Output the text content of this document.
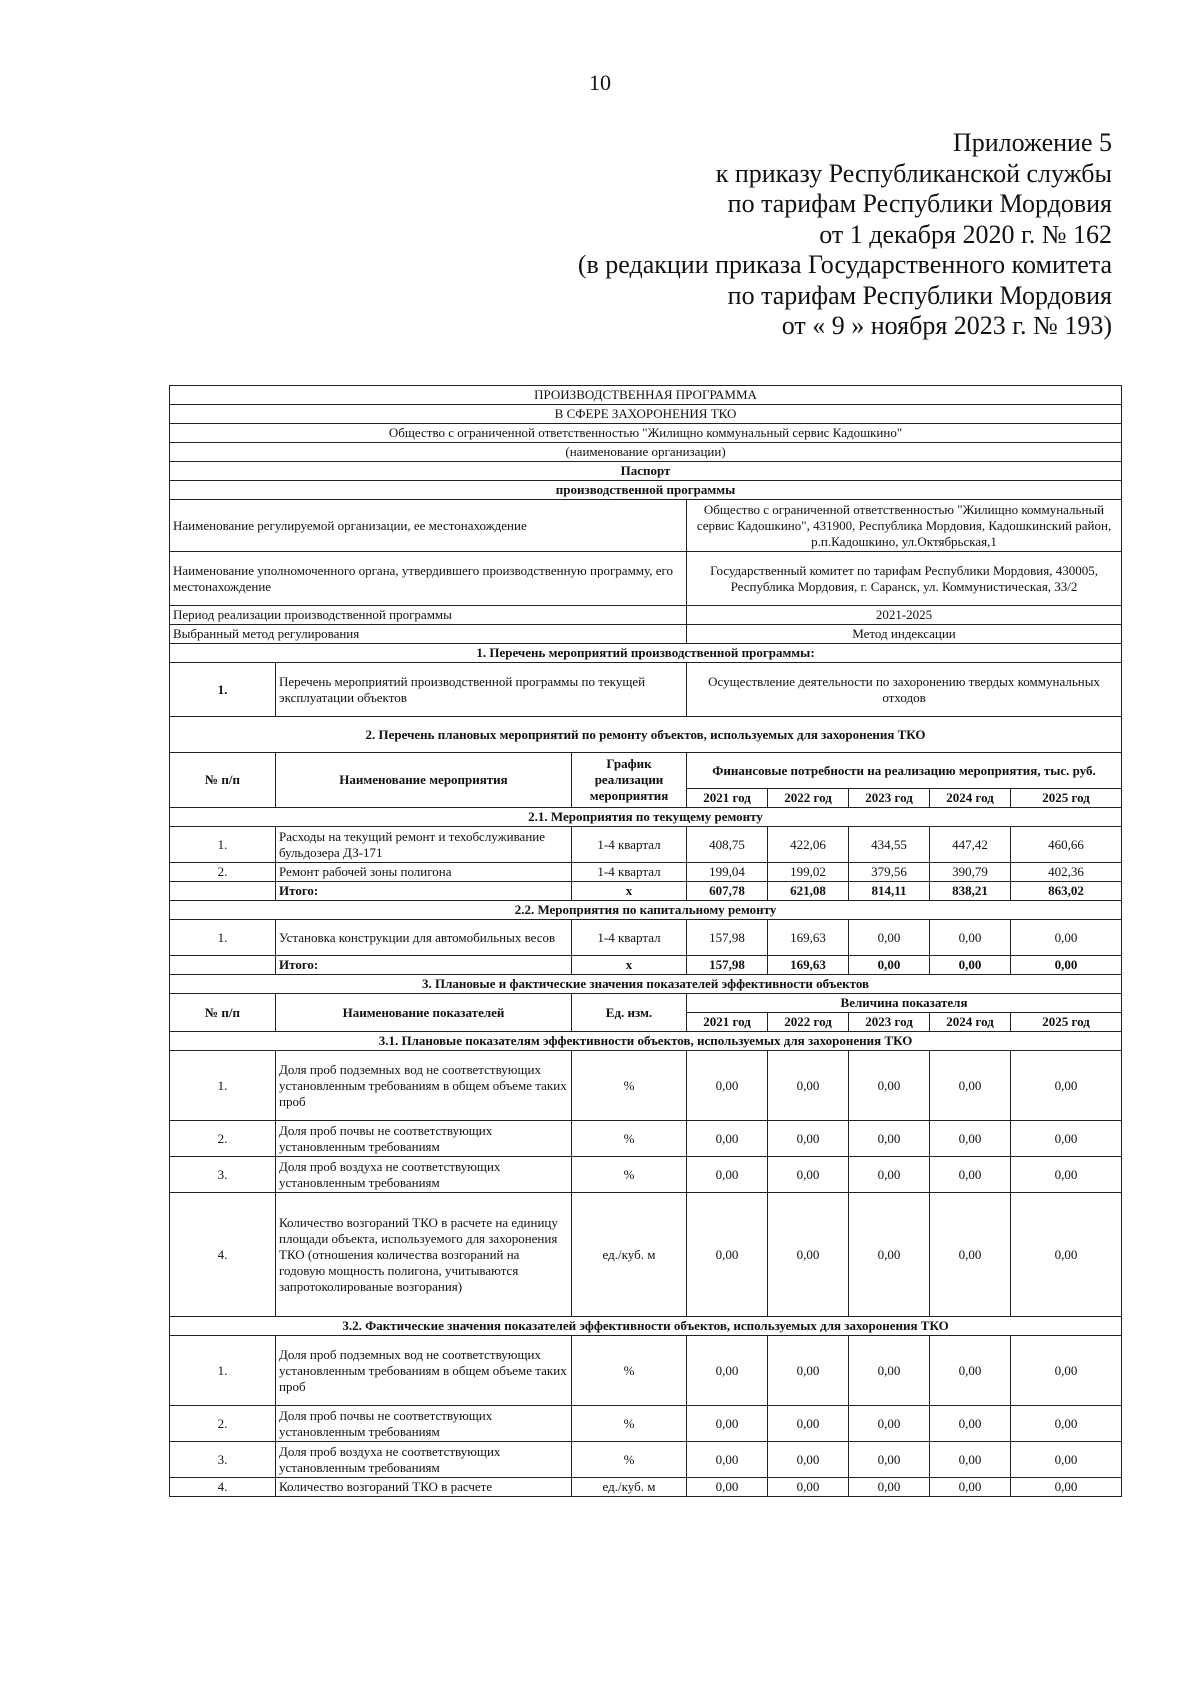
10
Приложение 5
к приказу Республиканской службы
по тарифам Республики Мордовия
от 1 декабря 2020 г. № 162
(в редакции приказа Государственного комитета
по тарифам Республики Мордовия
от « 9 » ноября 2023 г. № 193)
ПРОИЗВОДСТВЕННАЯ ПРОГРАММА							
В СФЕРЕ ЗАХОРОНЕНИЯ ТКО							
Общество с ограниченной ответственностью "Жилищно коммунальный сервис Кадошкино"							
(наименование организации)							
Паспорт							
производственной программы							
Наименование регулируемой организации, ее местонахождение			Общество с ограниченной ответственностью "Жилищно коммунальный сервис Кадошкино", 431900, Республика Мордовия, Кадошкинский район, р.п.Кадошкино, ул.Октябрьская,1				
Наименование уполномоченного органа, утвердившего производственную программу, его местонахождение			Государственный комитет по тарифам Республики Мордовия, 430005, Республика Мордовия, г. Саранск, ул. Коммунистическая, 33/2				
Период реализации производственной программы			2021-2025				
Выбранный метод регулирования			Метод индексации				
1. Перечень мероприятий производственной программы:							
1.	Перечень мероприятий производственной программы по текущей эксплуатации объектов		Осуществление деятельности по захоронению твердых коммунальных отходов				
2. Перечень плановых мероприятий по ремонту объектов, используемых для захоронения ТКО							
№ п/п	Наименование мероприятия	График реализации мероприятия	Финансовые потребности на реализацию мероприятия, тыс. руб.				
			2021 год	2022 год	2023 год	2024 год	2025 год
2.1. Мероприятия по текущему ремонту							
1.	Расходы на текущий ремонт и техобслуживание бульдозера ДЗ-171	1-4 квартал	408,75	422,06	434,55	447,42	460,66
2.	Ремонт рабочей зоны полигона	1-4 квартал	199,04	199,02	379,56	390,79	402,36
	Итого:	х	607,78	621,08	814,11	838,21	863,02
2.2. Мероприятия по капитальному ремонту							
1.	Установка конструкции для автомобильных весов	1-4 квартал	157,98	169,63	0,00	0,00	0,00
	Итого:	х	157,98	169,63	0,00	0,00	0,00
3. Плановые и фактические значения показателей эффективности объектов							
№ п/п	Наименование показателей	Ед. изм.	Величина показателя				
			2021 год	2022 год	2023 год	2024 год	2025 год
3.1. Плановые показателям эффективности объектов, используемых для захоронения ТКО							
1.	Доля проб подземных вод не соответствующих установленным требованиям в общем объеме таких проб	%	0,00	0,00	0,00	0,00	0,00
2.	Доля проб почвы не соответствующих установленным требованиям	%	0,00	0,00	0,00	0,00	0,00
3.	Доля проб воздуха не соответствующих установленным требованиям	%	0,00	0,00	0,00	0,00	0,00
4.	Количество возгораний ТКО в расчете на единицу площади объекта, используемого для захоронения ТКО (отношения количества возгораний на годовую мощность полигона, учитываются запротоколированые возгорания)	ед./куб. м	0,00	0,00	0,00	0,00	0,00
3.2. Фактические значения показателей эффективности объектов, используемых для захоронения ТКО							
1.	Доля проб подземных вод не соответствующих установленным требованиям в общем объеме таких проб	%	0,00	0,00	0,00	0,00	0,00
2.	Доля проб почвы не соответствующих установленным требованиям	%	0,00	0,00	0,00	0,00	0,00
3.	Доля проб воздуха не соответствующих установленным требованиям	%	0,00	0,00	0,00	0,00	0,00
4.	Количество возгораний ТКО в расчете	ед./куб. м	0,00	0,00	0,00	0,00	0,00
